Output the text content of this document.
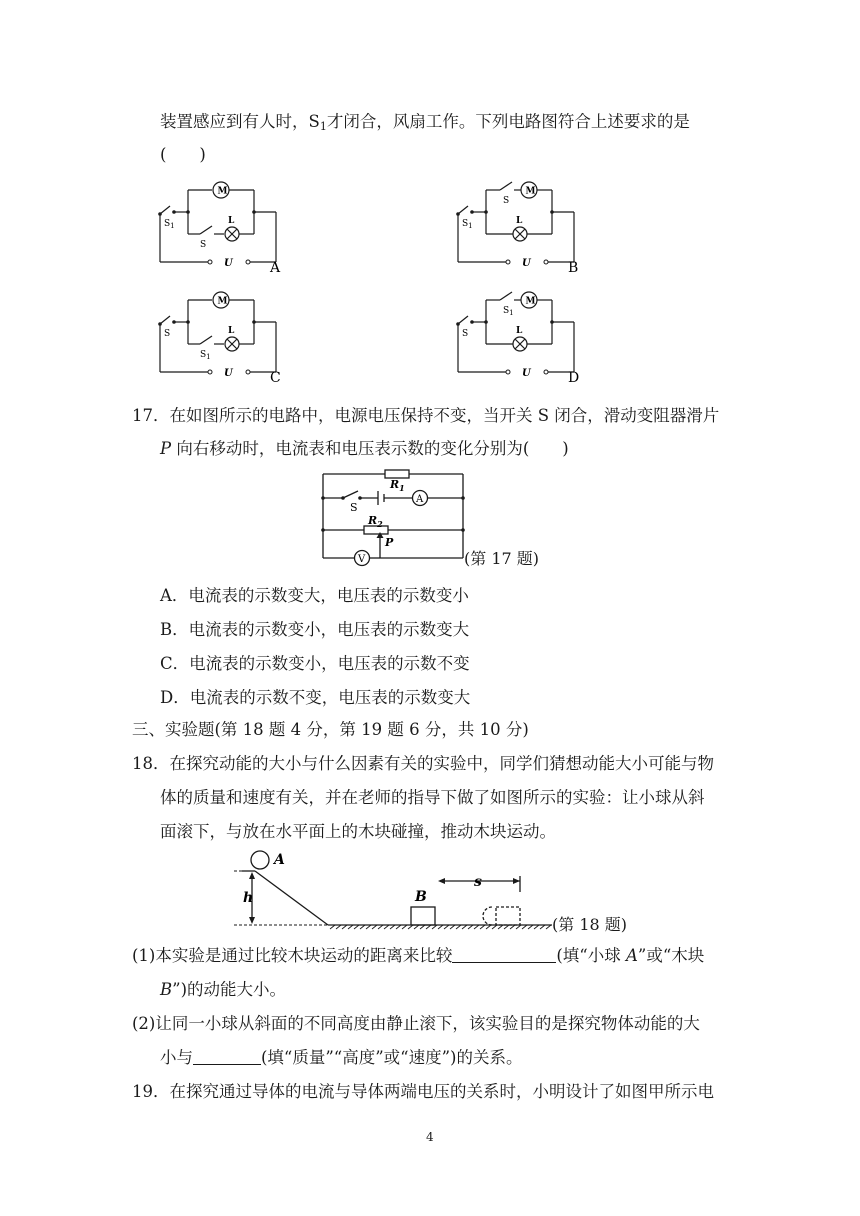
装置感应到有人时，$S_1$才闭合，风扇工作。下列电路图符合上述要求的是
(　　)
M
L
$S_1$
S
U	A
M
L
$S_1$
S
U	B
M
L
S
$S_1$
U	C
M
L
S
$S_1$
U	D
17．在如图所示的电路中，电源电压保持不变，当开关 S 闭合，滑动变阻器滑片
P 向右移动时，电流表和电压表示数的变化分别为(　　)
$R_1$
S
A
$R_2$
P
V	(第 17 题)
A．电流表的示数变大，电压表的示数变小
B．电流表的示数变小，电压表的示数变大
C．电流表的示数变小，电压表的示数不变
D．电流表的示数不变，电压表的示数变大
三、实验题(第 18 题 4 分，第 19 题 6 分，共 10 分)
18．在探究动能的大小与什么因素有关的实验中，同学们猜想动能大小可能与物
体的质量和速度有关，并在老师的指导下做了如图所示的实验：让小球从斜
面滚下，与放在水平面上的木块碰撞，推动木块运动。
A
h	B
s
(第 18 题)
(1)本实验是通过比较木块运动的距离来比较	(填“小球 A”或“木块
B”)的动能大小。
(2)让同一小球从斜面的不同高度由静止滚下，该实验目的是探究物体动能的大
小与	(填“质量”“高度”或“速度”)的关系。
19．在探究通过导体的电流与导体两端电压的关系时，小明设计了如图甲所示电
4
